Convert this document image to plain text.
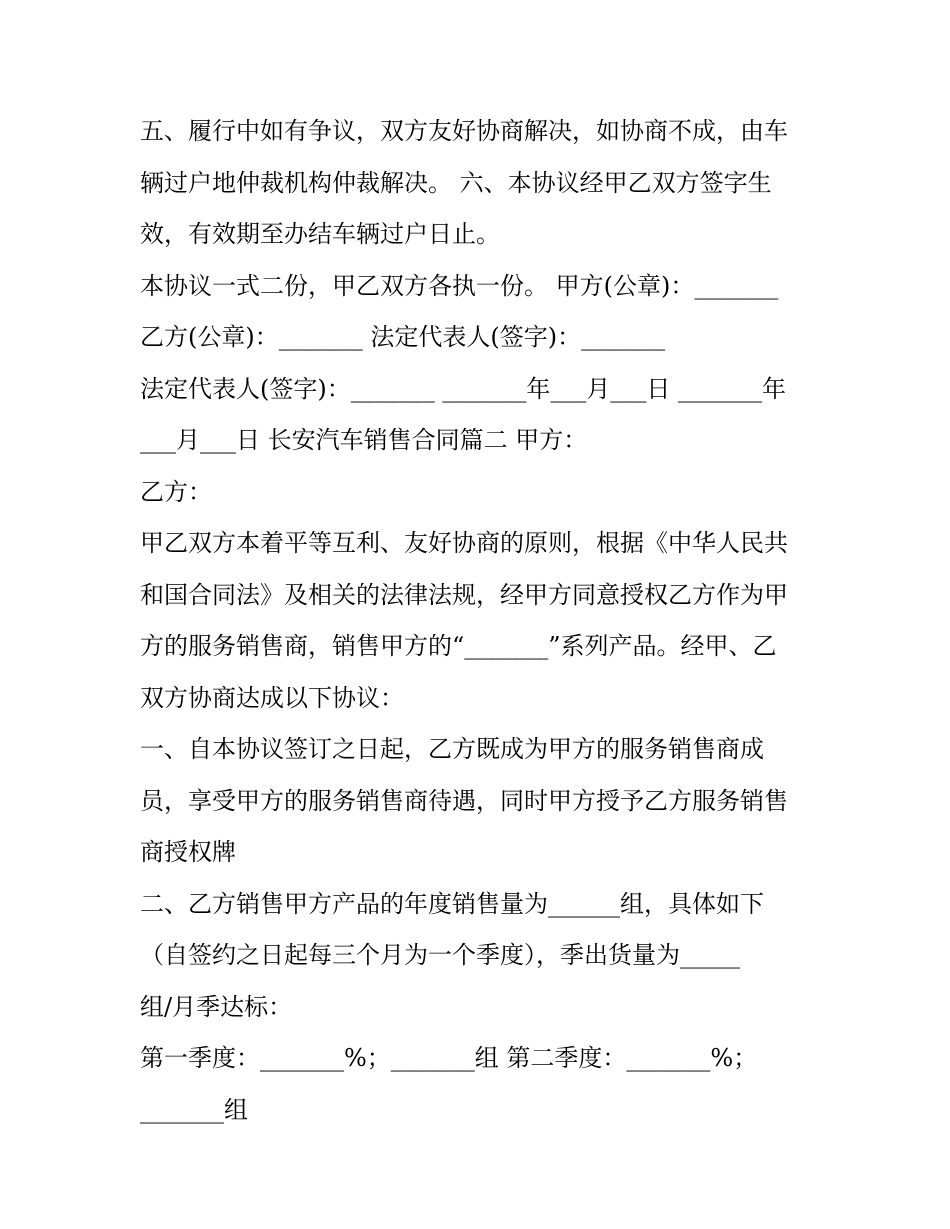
五、履行中如有争议，双方友好协商解决，如协商不成，由车
辆过户地仲裁机构仲裁解决。 六、本协议经甲乙双方签字生
效，有效期至办结车辆过户日止。
本协议一式二份，甲乙双方各执一份。 甲方(公章)：_______
乙方(公章)：_______ 法定代表人(签字)：_______
法定代表人(签字)：_______ _______年___月___日 _______年
___月___日 长安汽车销售合同篇二 甲方：
乙方：
甲乙双方本着平等互利、友好协商的原则，根据《中华人民共
和国合同法》及相关的法律法规，经甲方同意授权乙方作为甲
方的服务销售商，销售甲方的“_______”系列产品。经甲、乙
双方协商达成以下协议：
一、自本协议签订之日起，乙方既成为甲方的服务销售商成
员，享受甲方的服务销售商待遇，同时甲方授予乙方服务销售
商授权牌
二、乙方销售甲方产品的年度销售量为______组，具体如下
（自签约之日起每三个月为一个季度），季出货量为_____
组/月季达标：
第一季度：_______%；_______组 第二季度：_______%；
_______组
